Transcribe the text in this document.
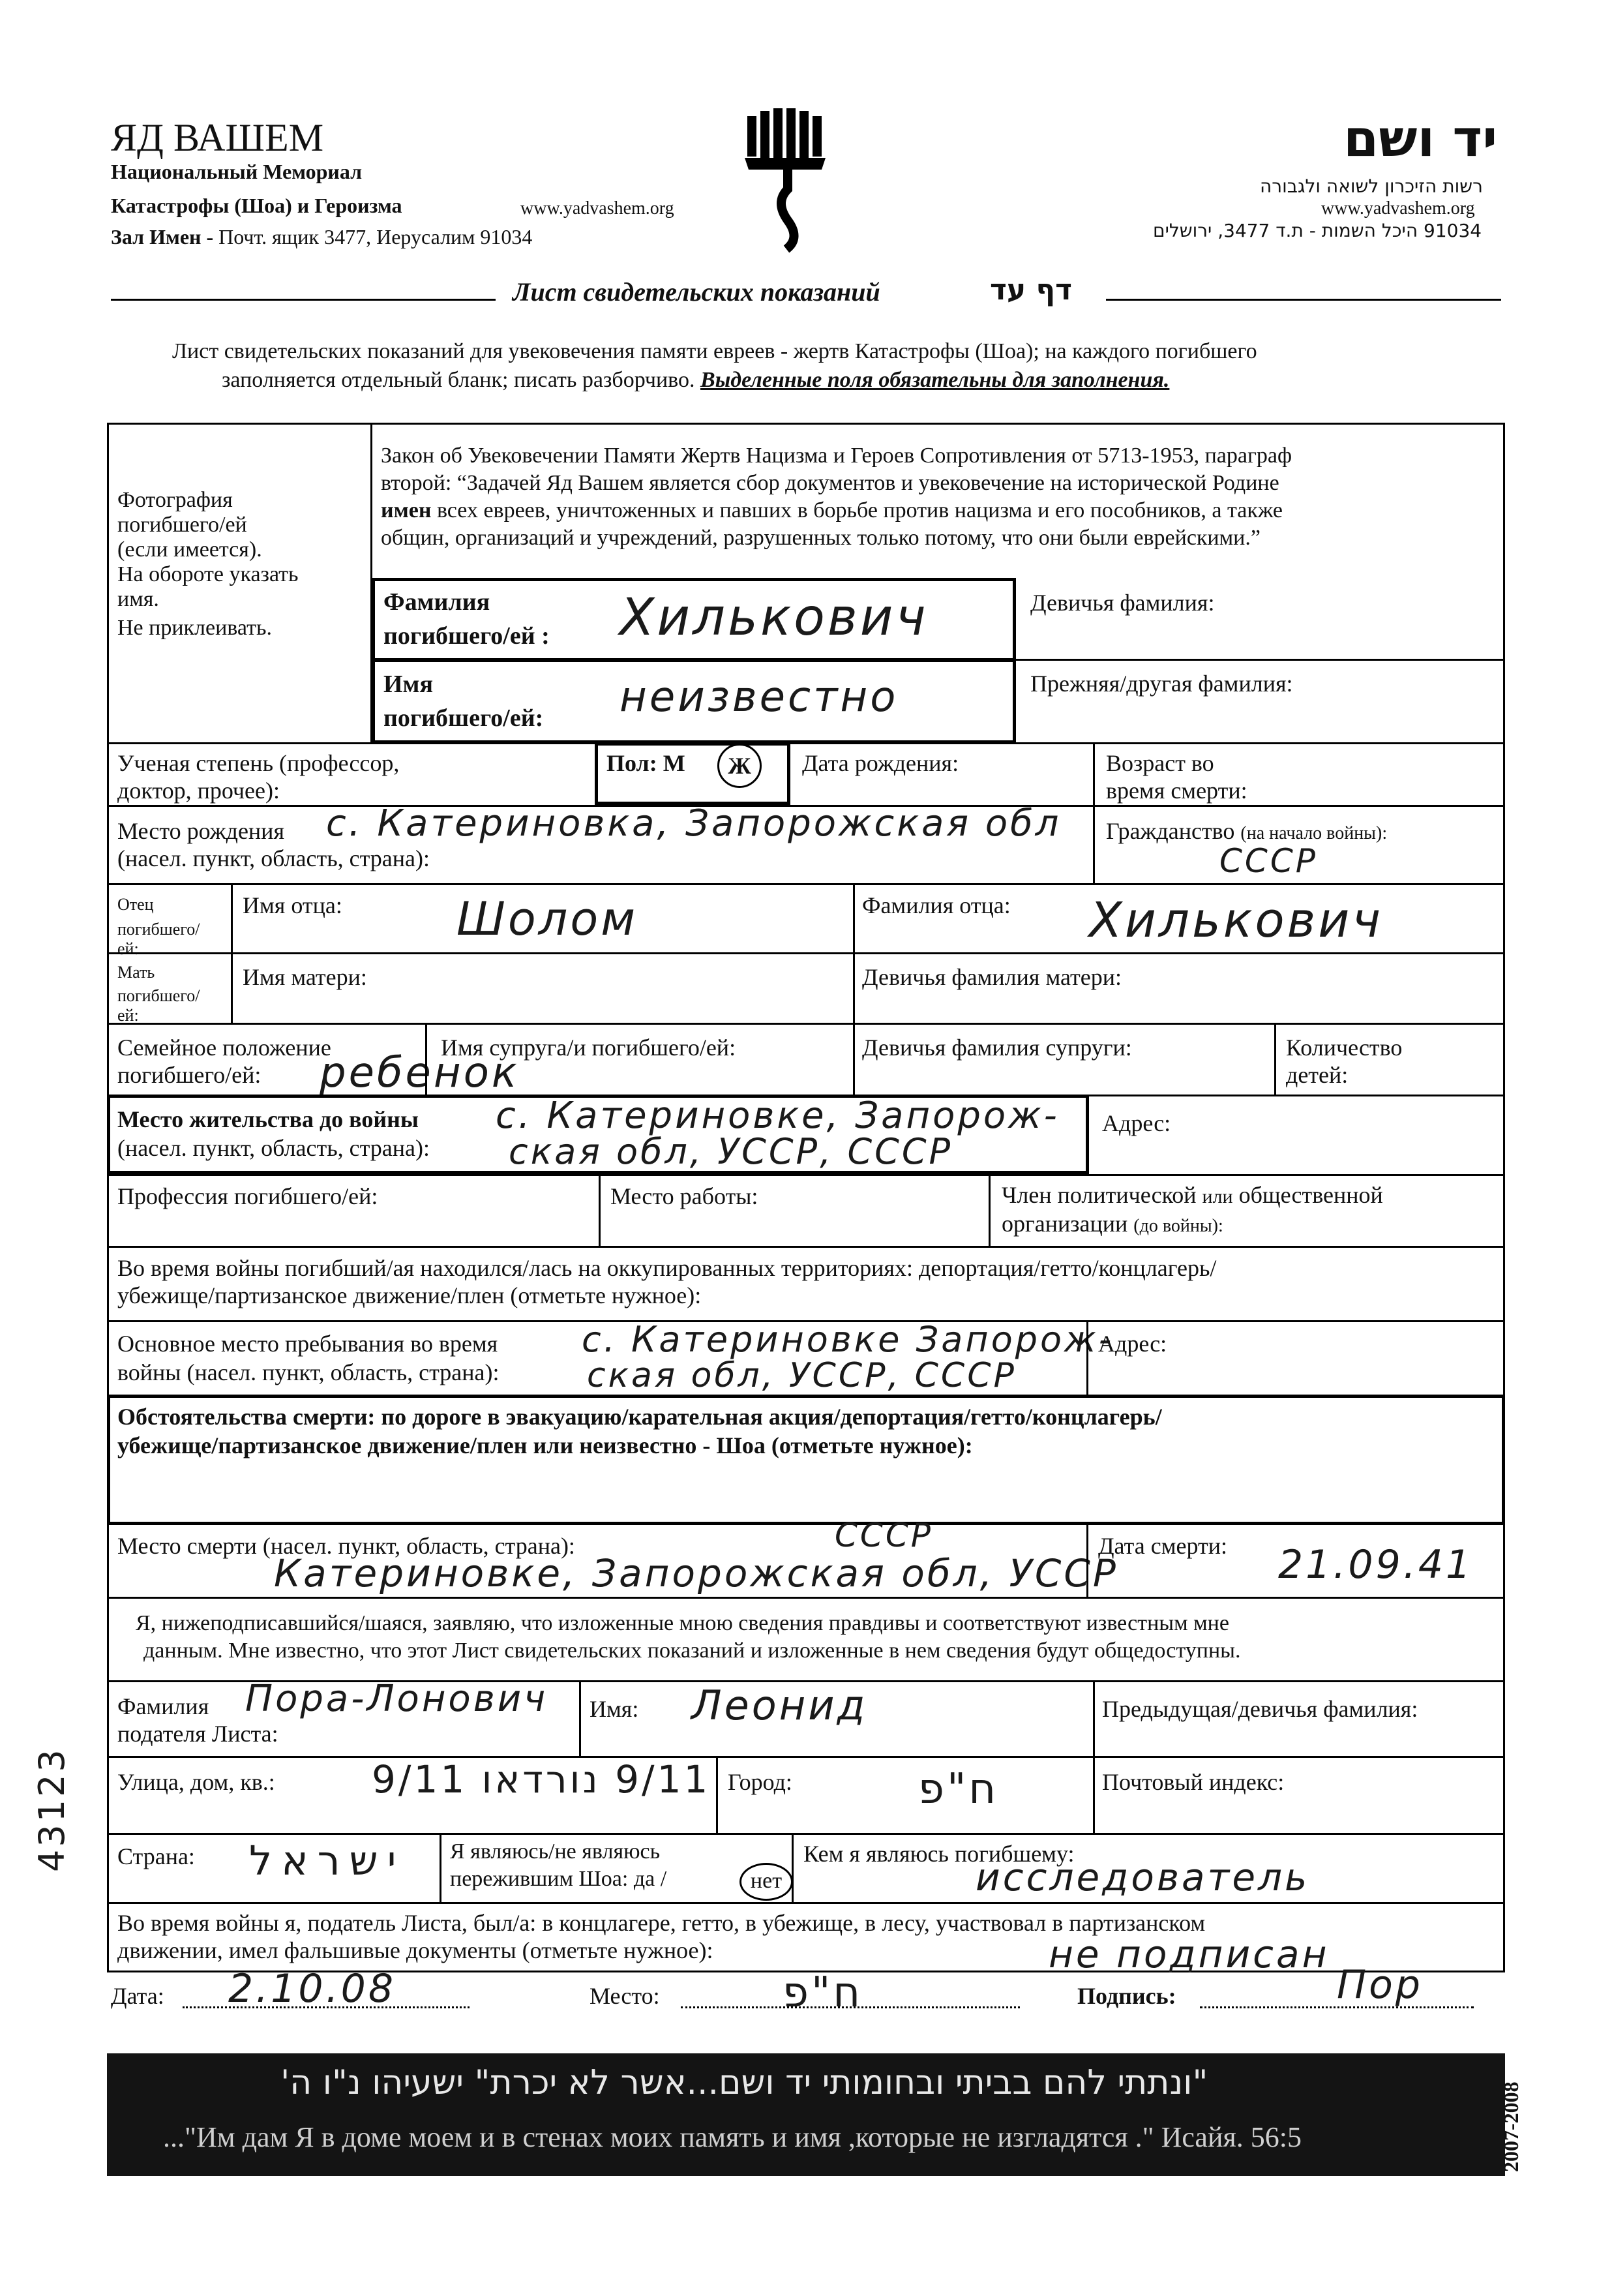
ЯД ВАШЕМ
Национальный Мемориал
Катастрофы (Шоа) и Героизма	www.yadvashem.org
Зал Имен - Почт. ящик 3477, Иерусалим 91034
יד ושם
רשות הזיכרון לשואה ולגבורה
www.yadvashem.org
91034 היכל השמות - ת.ד 3477, ירושלים
Лист свидетельских показаний	דף עד
Лист свидетельских показаний для увековечения памяти евреев - жертв Катастрофы (Шоа); на каждого погибшего
заполняется отдельный бланк; писать разборчиво. Выделенные поля обязательны для заполнения.
Фотография
погибшего/ей
(если имеется).
На обороте указать
имя.
Не приклеивать.
Закон об Увековечении Памяти Жертв Нацизма и Героев Сопротивления от 5713-1953, параграф
второй: “Задачей Яд Вашем является сбор документов и увековечение на исторической Родине
имен всех евреев, уничтоженных и павших в борьбе против нацизма и его пособников, а также
общин, организаций и учреждений, разрушенных только потому, что они были еврейскими.”
Фамилия
погибшего/ей : Хилькович	Девичья фамилия:
Имя
погибшего/ей: неизвестно	Прежняя/другая фамилия:
Ученая степень (профессор,
доктор, прочее):
Пол: М	Ж	Дата рождения:	Возраст во
время смерти:
Место рождения
(насел. пункт, область, страна):
с. Катериновка, Запорожская обл Гражданство (на начало войны):
СССР
Отец
погибшего/
ей:
Имя отца:	Шолом	Фамилия отца: Хилькович
Мать
погибшего/
ей:
Имя матери:	Девичья фамилия матери:
Семейное положение
погибшего/ей: ребенок
Имя супруга/и погибшего/ей:	Девичья фамилия супруги:	Количество
детей:
Место жительства до войны
(насел. пункт, область, страна):
с. Катериновке, Запорож-
ская обл, УССР, СССР
Адрес:
Профессия погибшего/ей:	Место работы:	Член политической или общественной
организации (до войны):
Во время войны погибший/ая находился/лась на оккупированных территориях: депортация/гетто/концлагерь/
убежище/партизанское движение/плен (отметьте нужное):
Основное место пребывания во время
войны (насел. пункт, область, страна):
с. Катериновке Запорож-
ская обл, УССР, СССР
Адрес:
Обстоятельства смерти: по дороге в эвакуацию/карательная акция/депортация/гетто/концлагерь/
убежище/партизанское движение/плен или неизвестно - Шоа (отметьте нужное):
Место смерти (насел. пункт, область, страна):	СССР
Катериновке, Запорожская обл, УССР
Дата смерти: 21.09.41
Я, нижеподписавшийся/шаяся, заявляю, что изложенные мною сведения правдивы и соответствуют известным мне
данным. Мне известно, что этот Лист свидетельских показаний и изложенные в нем сведения будут общедоступны.
Фамилия
подателя Листа:
Пора-Лонович Имя: Леонид	Предыдущая/девичья фамилия:
Улица, дом, кв.:	9/11 נורדאו 9/11 Город:	ח"פ	Почтовый индекс:
Страна: ישראל Я являюсь/не являюсь
пережившим Шоа: да /	нет
Кем я являюсь погибшему:
исследователь
Во время войны я, податель Листа, был/а: в концлагере, гетто, в убежище, в лесу, участвовал в партизанском
движении, имел фальшивые документы (отметьте нужное):	не подписан
Дата: 2.10.08	Место:	ח"פ	Подпись:	Пор
43123
"ונתתי להם בביתי ובחומותי יד ושם...אשר לא יכרת" ישעיהו נ"ו ה'
..."Им дам Я в доме моем и в стенах моих память и имя ,которые не изгладятся ." Исайя. 56:5	2007-2008
